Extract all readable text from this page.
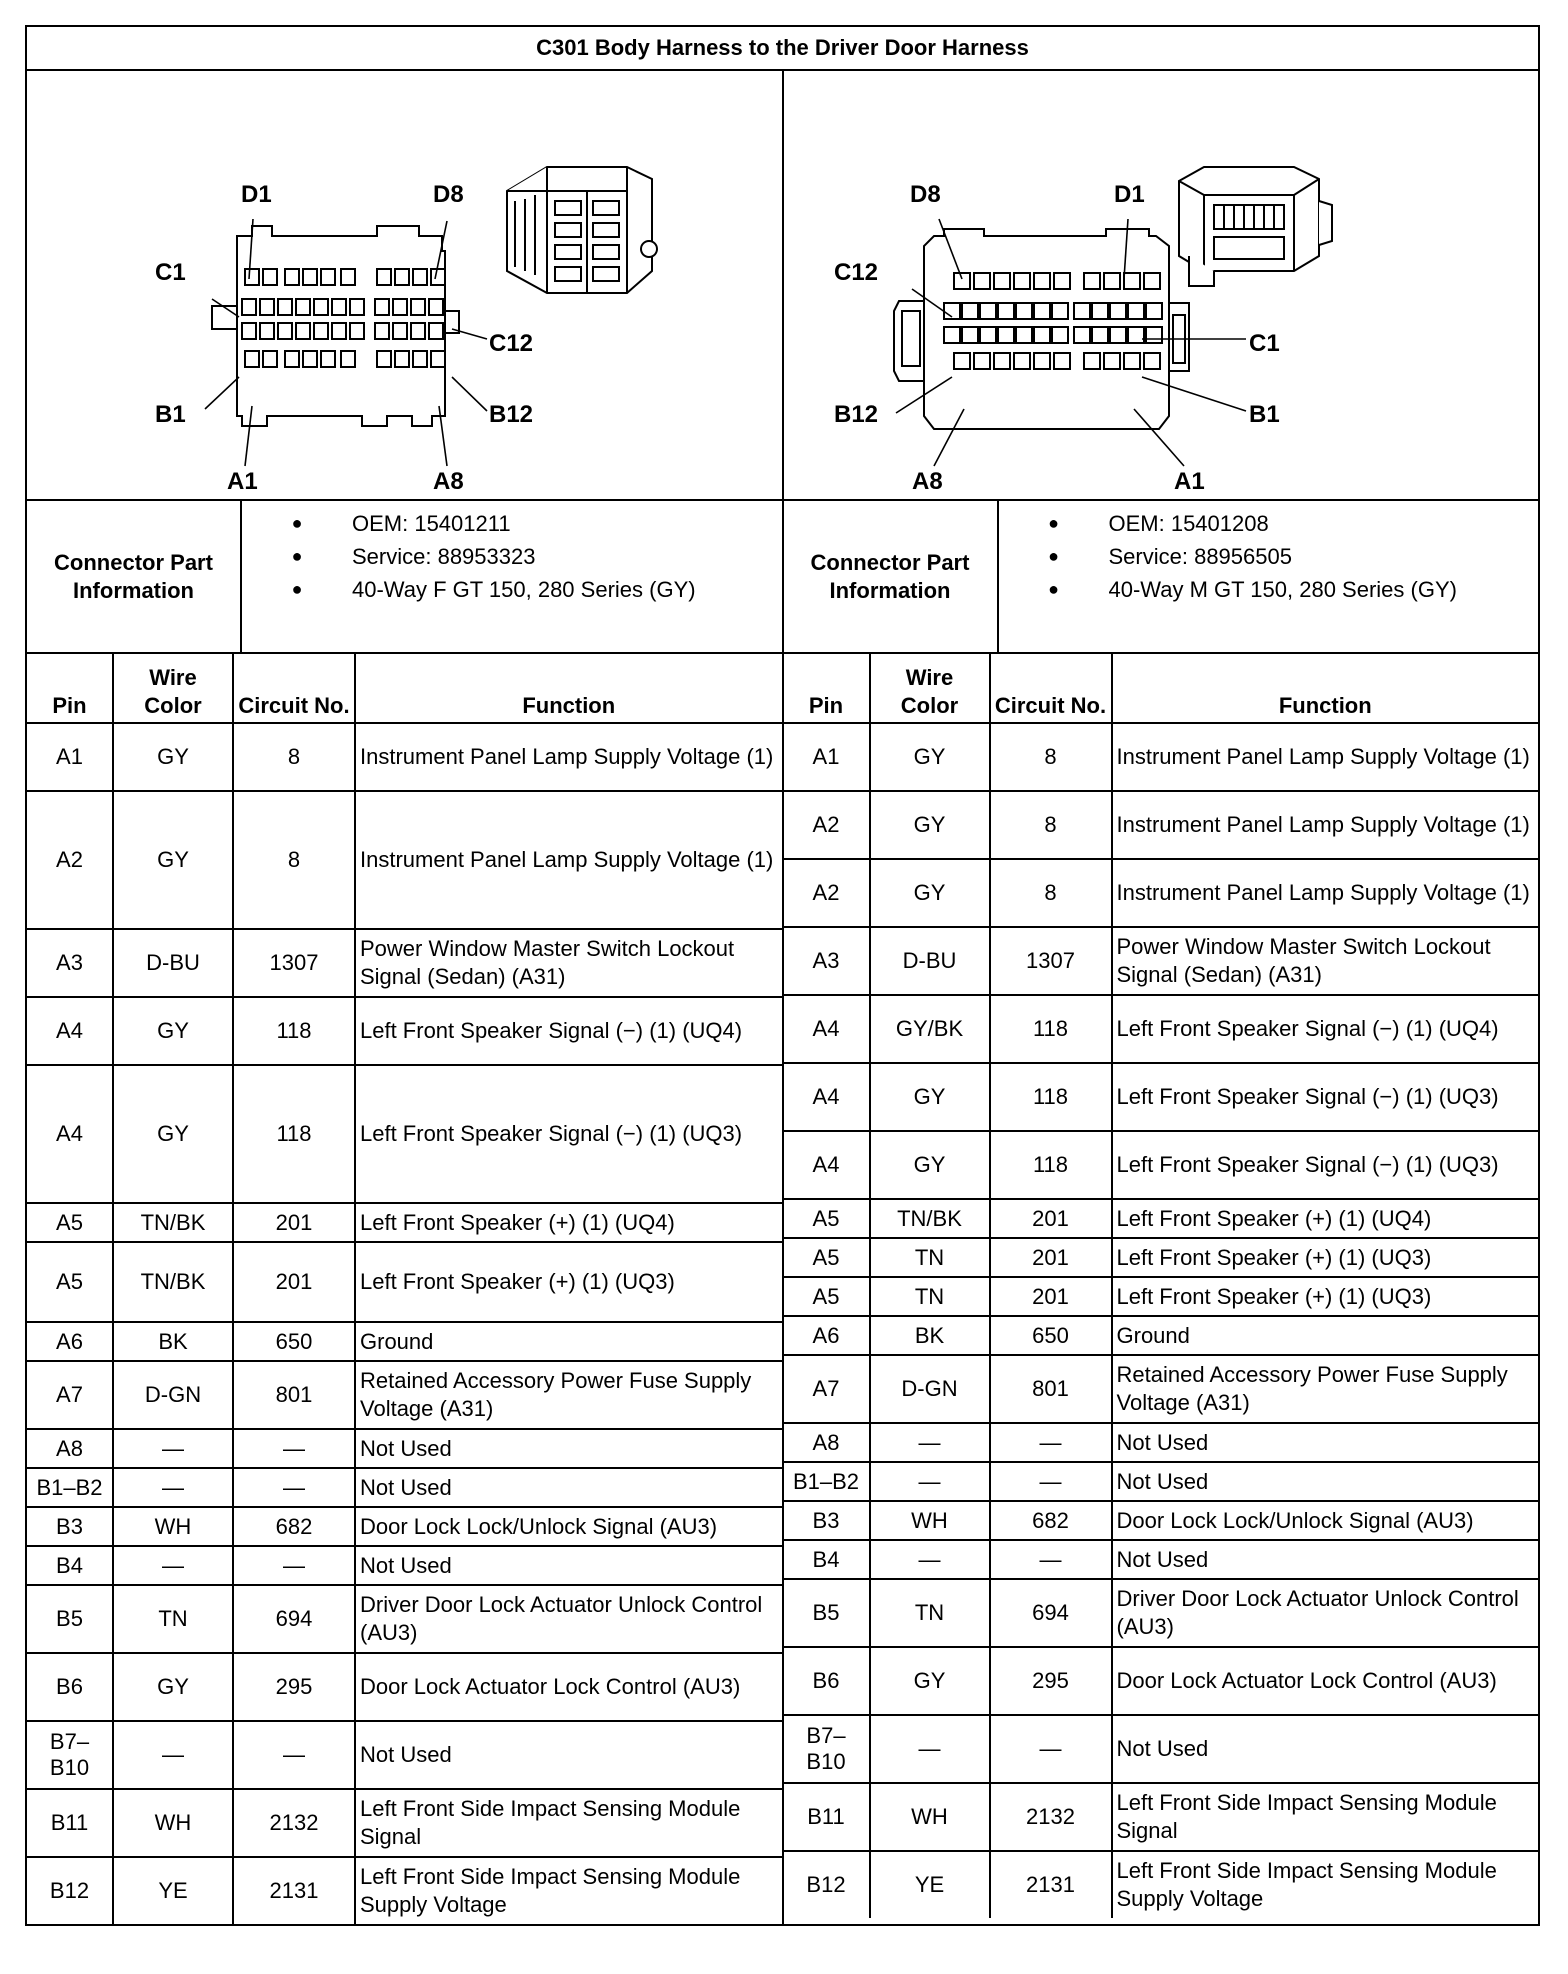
C301 Body Harness to the Driver Door Harness
D1	D8
C1
C12
B1	B12
A1	A8
D8	D1
C12
C1
B12	B1
A8	A1
Connector Part Information
●	OEM: 15401211
●	Service: 88953323
●	40-Way F GT 150, 280 Series (GY)
Connector Part Information
●	OEM: 15401208
●	Service: 88956505
●	40-Way M GT 150, 280 Series (GY)
Pin	Wire Color	Circuit No.	Function
A1	GY	8	Instrument Panel Lamp Supply Voltage (1)
A2	GY	8	Instrument Panel Lamp Supply Voltage (1)
A3	D-BU	1307	Power Window Master Switch Lockout Signal (Sedan) (A31)
A4	GY	118	Left Front Speaker Signal (−) (1) (UQ4)
A4	GY	118	Left Front Speaker Signal (−) (1) (UQ3)
A5	TN/BK	201	Left Front Speaker (+) (1) (UQ4)
A5	TN/BK	201	Left Front Speaker (+) (1) (UQ3)
A6	BK	650	Ground
A7	D-GN	801	Retained Accessory Power Fuse Supply Voltage (A31)
A8	—	—	Not Used
B1–B2	—	—	Not Used
B3	WH	682	Door Lock Lock/Unlock Signal (AU3)
B4	—	—	Not Used
B5	TN	694	Driver Door Lock Actuator Unlock Control (AU3)
B6	GY	295	Door Lock Actuator Lock Control (AU3)
B7–B10	—	—	Not Used
B11	WH	2132	Left Front Side Impact Sensing Module Signal
B12	YE	2131	Left Front Side Impact Sensing Module Supply Voltage
Pin	Wire Color	Circuit No.	Function
A1	GY	8	Instrument Panel Lamp Supply Voltage (1)
A2	GY	8	Instrument Panel Lamp Supply Voltage (1)
A2	GY	8	Instrument Panel Lamp Supply Voltage (1)
A3	D-BU	1307	Power Window Master Switch Lockout Signal (Sedan) (A31)
A4	GY/BK	118	Left Front Speaker Signal (−) (1) (UQ4)
A4	GY	118	Left Front Speaker Signal (−) (1) (UQ3)
A4	GY	118	Left Front Speaker Signal (−) (1) (UQ3)
A5	TN/BK	201	Left Front Speaker (+) (1) (UQ4)
A5	TN	201	Left Front Speaker (+) (1) (UQ3)
A5	TN	201	Left Front Speaker (+) (1) (UQ3)
A6	BK	650	Ground
A7	D-GN	801	Retained Accessory Power Fuse Supply Voltage (A31)
A8	—	—	Not Used
B1–B2	—	—	Not Used
B3	WH	682	Door Lock Lock/Unlock Signal (AU3)
B4	—	—	Not Used
B5	TN	694	Driver Door Lock Actuator Unlock Control (AU3)
B6	GY	295	Door Lock Actuator Lock Control (AU3)
B7–B10	—	—	Not Used
B11	WH	2132	Left Front Side Impact Sensing Module Signal
B12	YE	2131	Left Front Side Impact Sensing Module Supply Voltage
